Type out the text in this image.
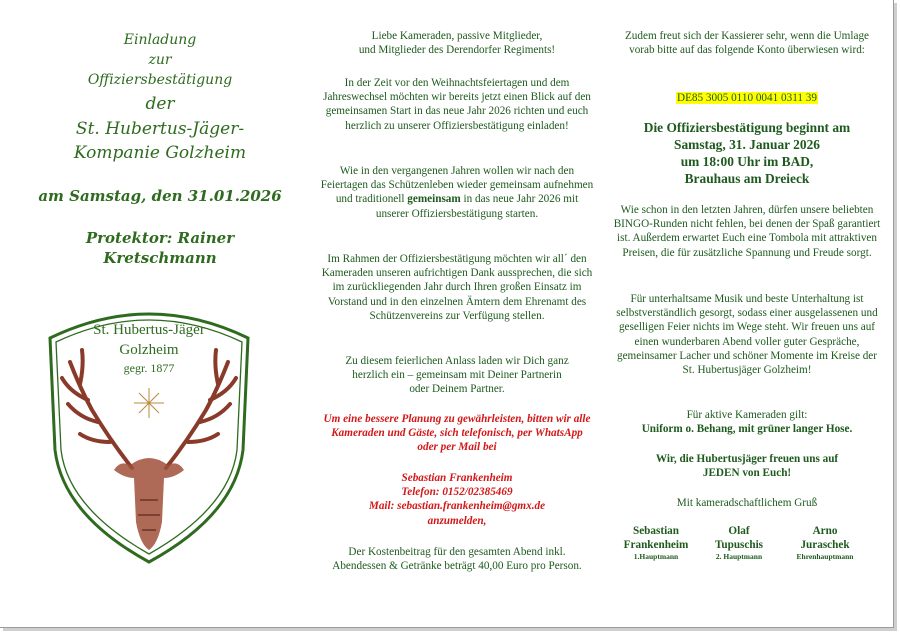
Einladung
zur
Offiziersbestätigung
der
St. Hubertus-Jäger-
Kompanie Golzheim
am Samstag, den 31.01.2026
Protektor: Rainer
Kretschmann
St. Hubertus-Jäger
Golzheim
gegr. 1877
Liebe Kameraden, passive Mitglieder,
und Mitglieder des Derendorfer Regiments!
In der Zeit vor den Weihnachtsfeiertagen und dem Jahreswechsel möchten wir bereits jetzt einen Blick auf den gemeinsamen Start in das neue Jahr 2026 richten und euch herzlich zu unserer Offiziersbestätigung einladen!
Wie in den vergangenen Jahren wollen wir nach den Feiertagen das Schützenleben wieder gemeinsam aufnehmen und traditionell gemeinsam in das neue Jahr 2026 mit unserer Offiziersbestätigung starten.
Im Rahmen der Offiziersbestätigung möchten wir all´ den Kameraden unseren aufrichtigen Dank aussprechen, die sich im zurückliegenden Jahr durch Ihren großen Einsatz im Vorstand und in den einzelnen Ämtern dem Ehrenamt des Schützenvereins zur Verfügung stellen.
Zu diesem feierlichen Anlass laden wir Dich ganz herzlich ein – gemeinsam mit Deiner Partnerin oder Deinem Partner.
Um eine bessere Planung zu gewährleisten, bitten wir alle Kameraden und Gäste, sich telefonisch, per WhatsApp oder per Mail bei
Sebastian Frankenheim
Telefon: 0152/02385469
Mail: sebastian.frankenheim@gmx.de
anzumelden,
Der Kostenbeitrag für den gesamten Abend inkl. Abendessen & Getränke beträgt 40,00 Euro pro Person.
Zudem freut sich der Kassierer sehr, wenn die Umlage vorab bitte auf das folgende Konto überwiesen wird:
DE85 3005 0110 0041 0311 39
Die Offiziersbestätigung beginnt am
Samstag, 31. Januar 2026
um 18:00 Uhr im BAD,
Brauhaus am Dreieck
Wie schon in den letzten Jahren, dürfen unsere beliebten BINGO-Runden nicht fehlen, bei denen der Spaß garantiert ist. Außerdem erwartet Euch eine Tombola mit attraktiven Preisen, die für zusätzliche Spannung und Freude sorgt.
Für unterhaltsame Musik und beste Unterhaltung ist selbstverständlich gesorgt, sodass einer ausgelassenen und geselligen Feier nichts im Wege steht. Wir freuen uns auf einen wunderbaren Abend voller guter Gespräche, gemeinsamer Lacher und schöner Momente im Kreise der St. Hubertusjäger Golzheim!
Für aktive Kameraden gilt:
Uniform o. Behang, mit grüner langer Hose.
Wir, die Hubertusjäger freuen uns auf
JEDEN von Euch!
Mit kameradschaftlichem Gruß
Sebastian
Frankenheim
1.Hauptmann
Olaf
Tupuschis
2. Hauptmann
Arno
Juraschek
Ehrenhauptmann
